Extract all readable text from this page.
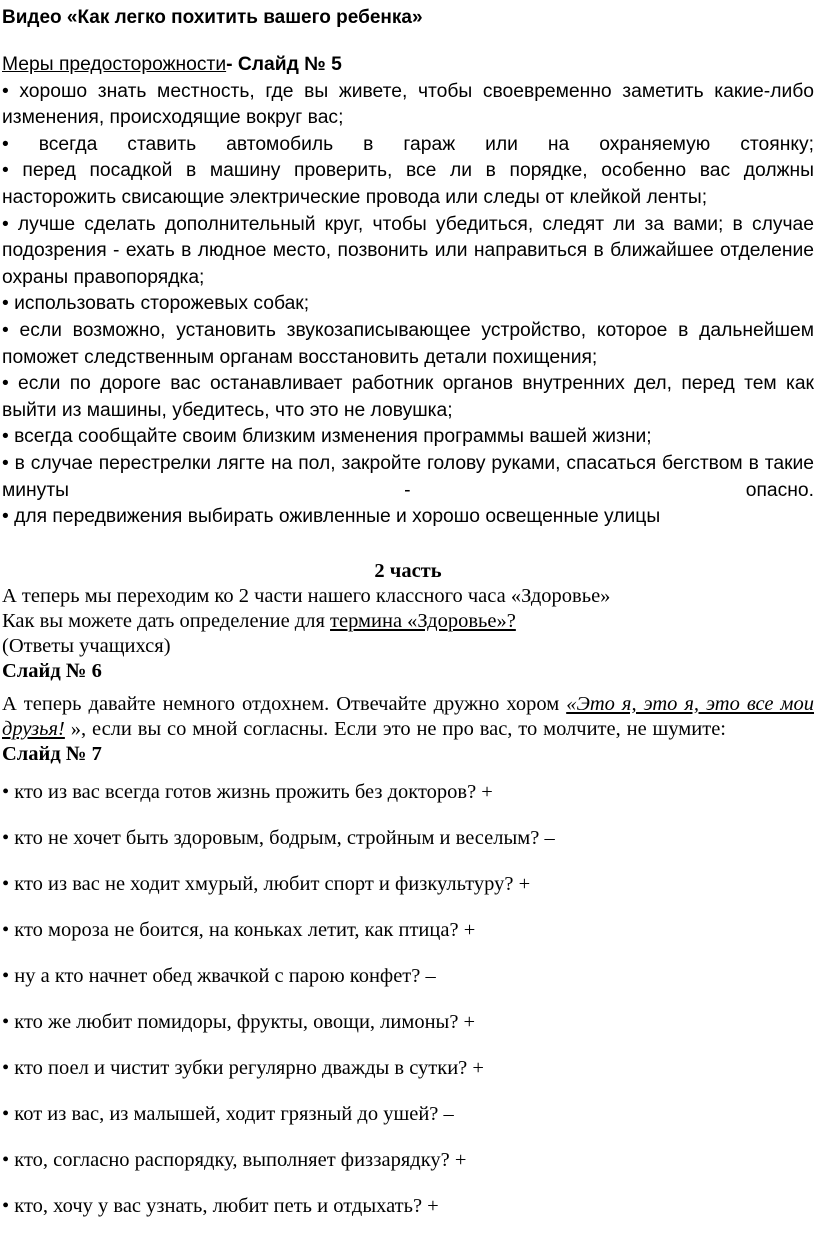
Видео «Как легко похитить вашего ребенка»

Меры предосторожности- Слайд № 5

• хорошо знать местность, где вы живете, чтобы своевременно заметить какие-либо изменения, происходящие вокруг вас;

• всегда ставить автомобиль в гараж или на охраняемую стоянку;

• перед посадкой в машину проверить, все ли в порядке, особенно вас должны насторожить свисающие электрические провода или следы от клейкой ленты;

• лучше сделать дополнительный круг, чтобы убедиться, следят ли за вами; в случае подозрения - ехать в людное место, позвонить или направиться в ближайшее отделение охраны правопорядка;

• использовать сторожевых собак;

• если возможно, установить звукозаписывающее устройство, которое в дальнейшем поможет следственным органам восстановить детали похищения;

• если по дороге вас останавливает работник органов внутренних дел, перед тем как выйти из машины, убедитесь, что это не ловушка;

• всегда сообщайте своим близким изменения программы вашей жизни;

• в случае перестрелки лягте на пол, закройте голову руками, спасаться бегством в такие минуты - опасно.

• для передвижения выбирать оживленные и хорошо освещенные улицы

2 часть

А теперь мы переходим ко 2 части нашего классного часа «Здоровье»

Как вы можете дать определение для термина «Здоровье»?

(Ответы учащихся)

Слайд № 6

А теперь давайте немного отдохнем. Отвечайте дружно хором «Это я, это я, это все мои друзья! », если вы со мной согласны. Если это не про вас, то молчите, не шумите:Слайд № 7

• кто из вас всегда готов жизнь прожить без докторов? +

• кто не хочет быть здоровым, бодрым, стройным и веселым? –

• кто из вас не ходит хмурый, любит спорт и физкультуру? +

• кто мороза не боится, на коньках летит, как птица? +

• ну а кто начнет обед жвачкой с парою конфет? –

• кто же любит помидоры, фрукты, овощи, лимоны? +

• кто поел и чистит зубки регулярно дважды в сутки? +

• кот из вас, из малышей, ходит грязный до ушей? –

• кто, согласно распорядку, выполняет физзарядку? +

• кто, хочу у вас узнать, любит петь и отдыхать? +
